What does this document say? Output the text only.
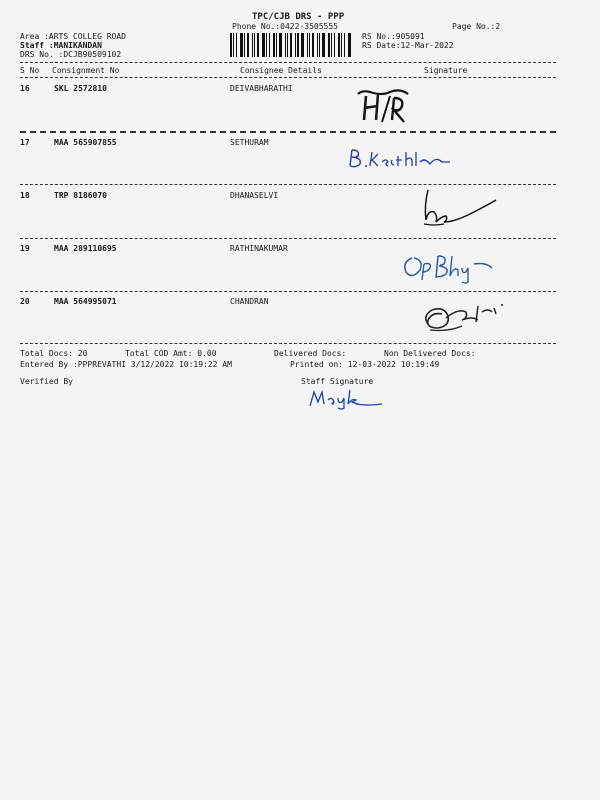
TPC/CJB DRS - PPP
Phone No.:0422-3505555	Page No.:2
Area :ARTS COLLEG ROAD
Staff :MANIKANDAN
DRS No. :DCJB90509102
RS No.:905091
RS Date:12-Mar-2022
S No Consignment No	Consignee Details	Signature
16	SKL 2572810	DEIVABHARATHI
17	MAA 565907855	SETHURAM
18	TRP 8186070	DHANASELVI
19	MAA 289110695	RATHINAKUMAR
20	MAA 564995071	CHANDRAN
Total Docs: 20	Total COD Amt: 0.00	Delivered Docs:	Non Delivered Docs:
Entered By :PPPREVATHI 3/12/2022 10:19:22 AM	Printed on: 12-03-2022 10:19:49
Verified By	Staff Signature
